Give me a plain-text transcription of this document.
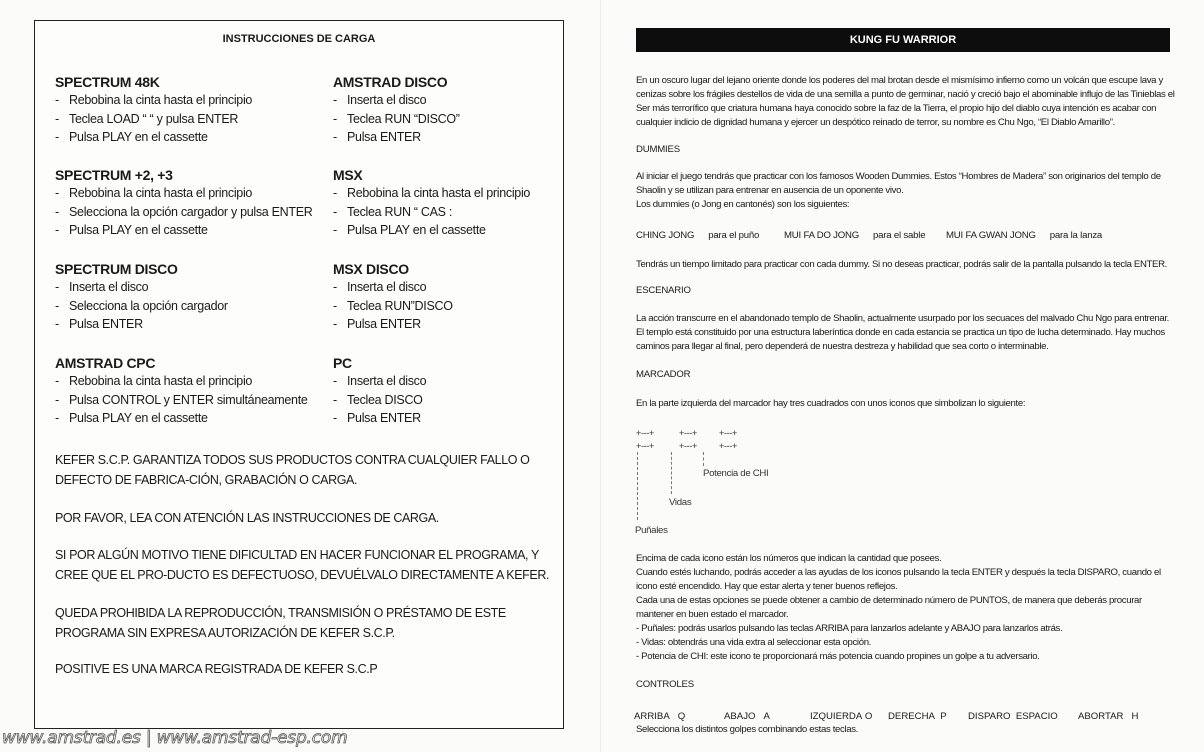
INSTRUCCIONES DE CARGA
SPECTRUM 48K
- Rebobina la cinta hasta el principio
- Teclea LOAD “ “ y pulsa ENTER
- Pulsa PLAY en el cassette
AMSTRAD DISCO
- Inserta el disco
- Teclea RUN “DISCO”
- Pulsa ENTER
SPECTRUM +2, +3
- Rebobina la cinta hasta el principio
- Selecciona la opción cargador y pulsa ENTER
- Pulsa PLAY en el cassette
MSX
- Rebobina la cinta hasta el principio
- Teclea RUN “ CAS :
- Pulsa PLAY en el cassette
SPECTRUM DISCO
- Inserta el disco
- Selecciona la opción cargador
- Pulsa ENTER
MSX DISCO
- Inserta el disco
- Teclea RUN”DISCO
- Pulsa ENTER
AMSTRAD CPC
- Rebobina la cinta hasta el principio
- Pulsa CONTROL y ENTER simultáneamente
- Pulsa PLAY en el cassette
PC
- Inserta el disco
- Teclea DISCO
- Pulsa ENTER
KEFER S.C.P. GARANTIZA TODOS SUS PRODUCTOS CONTRA CUALQUIER FALLO O DEFECTO DE FABRICA-CIÓN, GRABACIÓN O CARGA.
POR FAVOR, LEA CON ATENCIÓN LAS INSTRUCCIONES DE CARGA.
SI POR ALGÚN MOTIVO TIENE DIFICULTAD EN HACER FUNCIONAR EL PROGRAMA, Y CREE QUE EL PRO-DUCTO ES DEFECTUOSO, DEVUÉLVALO DIRECTAMENTE A KEFER.
QUEDA PROHIBIDA LA REPRODUCCIÓN, TRANSMISIÓN O PRÉSTAMO DE ESTE PROGRAMA SIN EXPRESA AUTORIZACIÓN DE KEFER S.C.P.
POSITIVE ES UNA MARCA REGISTRADA DE KEFER S.C.P
www.amstrad.es | www.amstrad-esp.com
KUNG FU WARRIOR
En un oscuro lugar del lejano oriente donde los poderes del mal brotan desde el mismísimo infierno como un volcán que escupe lava y cenizas sobre los frágiles destellos de vida de una semilla a punto de germinar, nació y creció bajo el abominable influjo de las Tinieblas el Ser más terrorífico que criatura humana haya conocido sobre la faz de la Tierra, el propio hijo del diablo cuya intención es acabar con cualquier indicio de dignidad humana y ejercer un despótico reinado de terror, su nombre es Chu Ngo, “El Diablo Amarillo”.
DUMMIES
Al iniciar el juego tendrás que practicar con los famosos Wooden Dummies. Estos “Hombres de Madera” son originarios del templo de Shaolin y se utilizan para entrenar en ausencia de un oponente vivo.
Los dummies (o Jong en cantonés) son los siguientes:
CHING JONG para el puño	MUI FA DO JONG para el sable MUI FA GWAN JONG para la lanza
Tendrás un tiempo limitado para practicar con cada dummy. Si no deseas practicar, podrás salir de la pantalla pulsando la tecla ENTER.
ESCENARIO
La acción transcurre en el abandonado templo de Shaolin, actualmente usurpado por los secuaces del malvado Chu Ngo para entrenar. El templo está constituido por una estructura laberíntica donde en cada estancia se practica un tipo de lucha determinado. Hay muchos caminos para llegar al final, pero dependerá de nuestra destreza y habilidad que sea corto o interminable.
MARCADOR
En la parte izquierda del marcador hay tres cuadrados con unos iconos que simbolizan lo siguiente:
+---+	+---+ +---+
+---+	+---+ +---+
Potencia de CHI
Vidas
Puñales
Encima de cada icono están los números que indican la cantidad que posees.
Cuando estés luchando, podrás acceder a las ayudas de los iconos pulsando la tecla ENTER y después la tecla DISPARO, cuando el icono esté encendido. Hay que estar alerta y tener buenos reflejos.
Cada una de estas opciones se puede obtener a cambio de determinado número de PUNTOS, de manera que deberás procurar mantener en buen estado el marcador.
- Puñales: podrás usarlos pulsando las teclas ARRIBA para lanzarlos adelante y ABAJO para lanzarlos atrás.
- Vidas: obtendrás una vida extra al seleccionar esta opción.
- Potencia de CHI: este icono te proporcionará más potencia cuando propines un golpe a tu adversario.
CONTROLES
ARRIBA Q	ABAJO A	IZQUIERDA O DERECHA P DISPARO ESPACIO ABORTAR H
Selecciona los distintos golpes combinando estas teclas.
